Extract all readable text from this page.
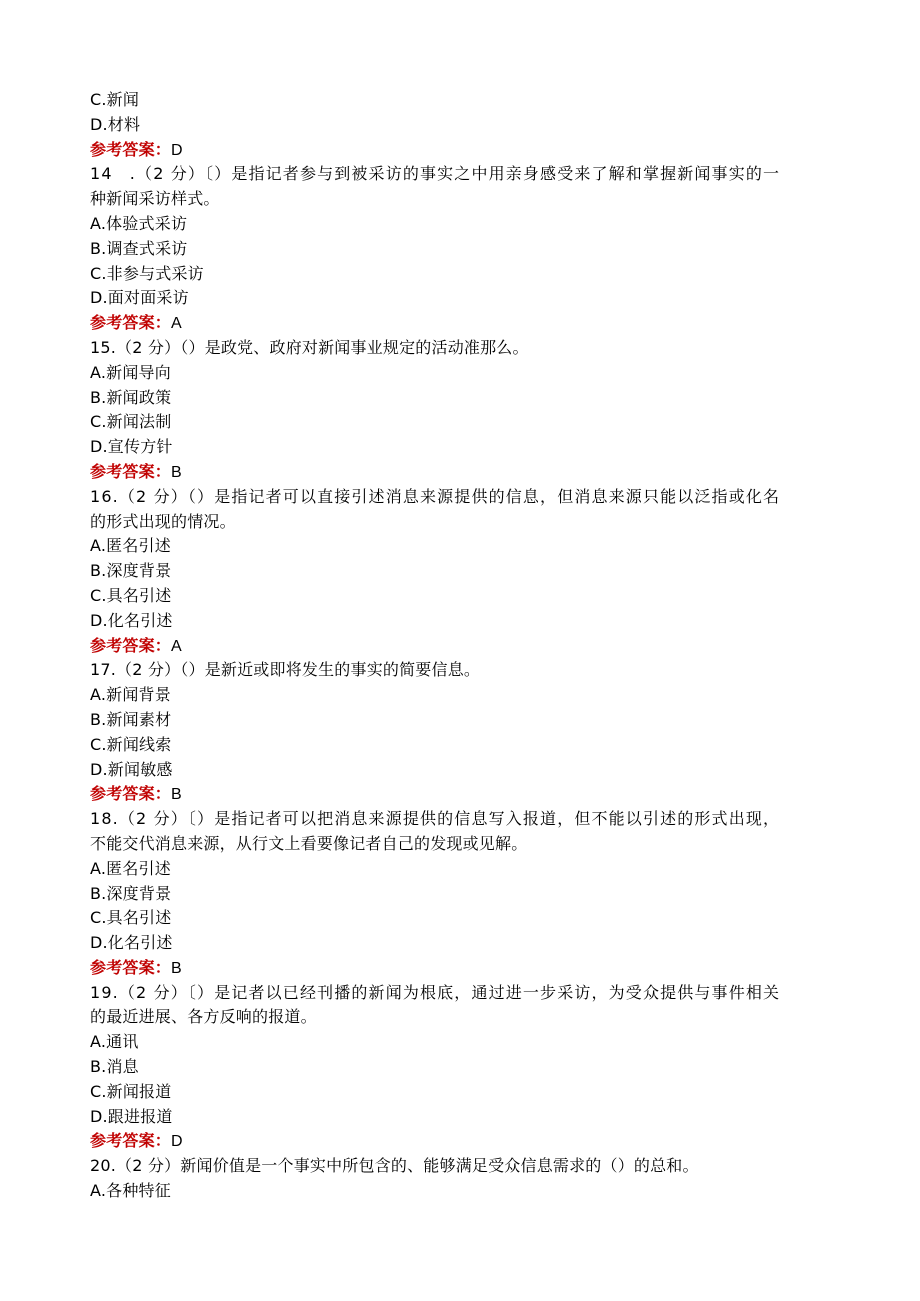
C.新闻
D.材料
参考答案：D
14　.（2 分）〔）是指记者参与到被采访的事实之中用亲身感受来了解和掌握新闻事实的一
种新闻采访样式。
A.体验式采访
B.调查式采访
C.非参与式采访
D.面对面采访
参考答案：A
15.（2 分）（）是政党、政府对新闻事业规定的活动准那么。
A.新闻导向
B.新闻政策
C.新闻法制
D.宣传方针
参考答案：B
16.（2 分）（）是指记者可以直接引述消息来源提供的信息，但消息来源只能以泛指或化名
的形式出现的情况。
A.匿名引述
B.深度背景
C.具名引述
D.化名引述
参考答案：A
17.（2 分）（）是新近或即将发生的事实的简要信息。
A.新闻背景
B.新闻素材
C.新闻线索
D.新闻敏感
参考答案：B
18.（2 分）〔）是指记者可以把消息来源提供的信息写入报道，但不能以引述的形式出现，
不能交代消息来源，从行文上看要像记者自己的发现或见解。
A.匿名引述
B.深度背景
C.具名引述
D.化名引述
参考答案：B
19.（2 分）〔）是记者以已经刊播的新闻为根底，通过进一步采访，为受众提供与事件相关
的最近进展、各方反响的报道。
A.通讯
B.消息
C.新闻报道
D.跟进报道
参考答案：D
20.（2 分）新闻价值是一个事实中所包含的、能够满足受众信息需求的（）的总和。
A.各种特征
